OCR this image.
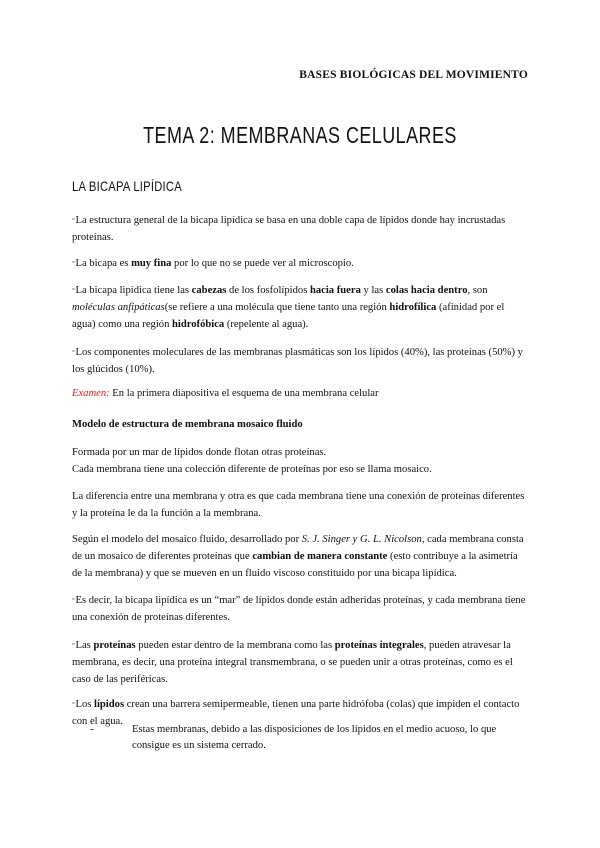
BASES BIOLÓGICAS DEL MOVIMIENTO
TEMA 2: MEMBRANAS CELULARES
LA BICAPA LIPÍDICA

▫La estructura general de la bicapa lipídica se basa en una doble capa de lípidos donde hay incrustadas proteínas.

▫La bicapa es muy fina por lo que no se puede ver al microscopio.

▫La bicapa lipídica tiene las cabezas de los fosfolípidos hacia fuera y las colas hacia dentro, son moléculas anfipáticas(se refiere a una molécula que tiene tanto una región hidrofílica (afinidad por el agua) como una región hidrofóbica (repelente al agua).

▫Los componentes moleculares de las membranas plasmáticas son los lípidos (40%), las proteínas (50%) y los glúcidos (10%).

Examen: En la primera diapositiva el esquema de una membrana celular

Modelo de estructura de membrana mosaico fluido

Formada por un mar de lípidos donde flotan otras proteínas.
Cada membrana tiene una colección diferente de proteínas por eso se llama mosaico.

La diferencia entre una membrana y otra es que cada membrana tiene una conexión de proteínas diferentes y la proteína le da la función a la membrana.

Según el modelo del mosaico fluido, desarrollado por S. J. Singer y G. L. Nicolson, cada membrana consta de un mosaico de diferentes proteínas que cambian de manera constante (esto contribuye a la asimetría de la membrana) y que se mueven en un fluido viscoso constituido por una bicapa lipídica.

▫Es decir, la bicapa lipídica es un “mar” de lípidos donde están adheridas proteínas, y cada membrana tiene una conexión de proteínas diferentes.

▫Las proteínas pueden estar dentro de la membrana como las proteínas integrales, pueden atravesar la membrana, es decir, una proteína integral transmembrana, o se pueden unir a otras proteínas, como es el caso de las periféricas.

▫Los lípidos crean una barrera semipermeable, tienen una parte hidrófoba (colas) que impiden el contacto con el agua.

-	Estas membranas, debido a las disposiciones de los lípidos en el medio acuoso, lo que consigue es un sistema cerrado.
